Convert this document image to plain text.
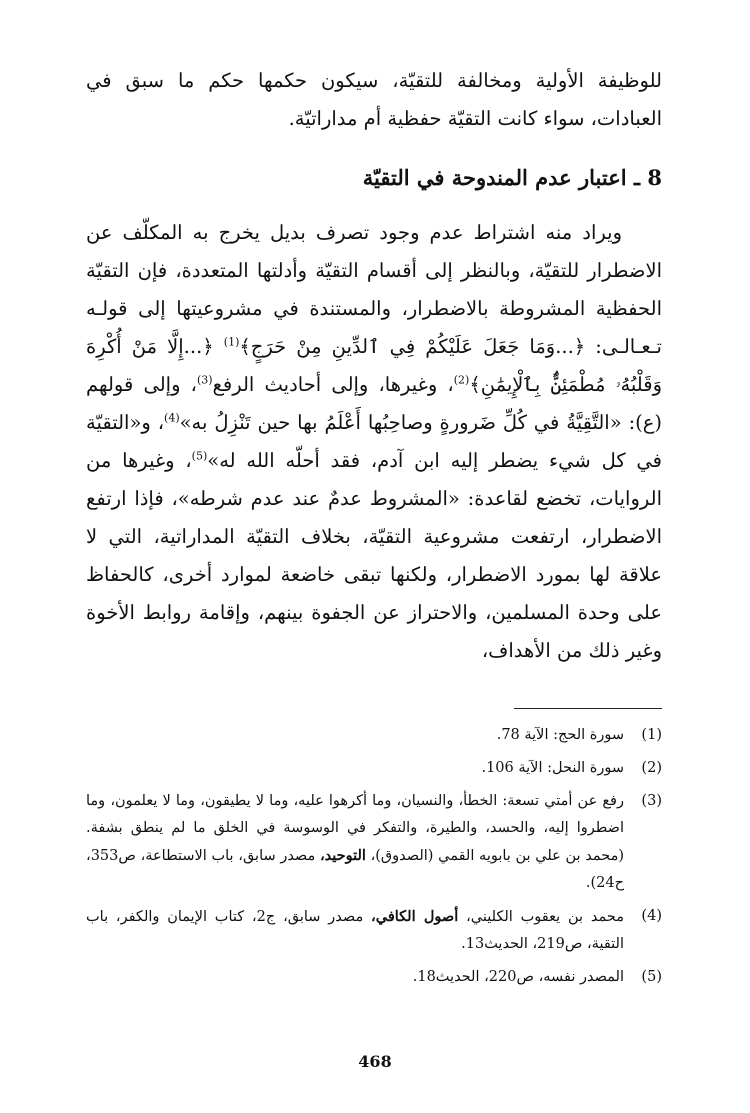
للوظيفة الأولية ومخالفة للتقيّة، سيكون حكمها حكم ما سبق في العبادات، سواء كانت التقيّة حفظية أم مداراتيّة.

8 ـ اعتبار عدم المندوحة في التقيّة

ويراد منه اشتراط عدم وجود تصرف بديل يخرج به المكلّف عن الاضطرار للتقيّة، وبالنظر إلى أقسام التقيّة وأدلتها المتعددة، فإن التقيّة الحفظية المشروطة بالاضطرار، والمستندة في مشروعيتها إلى قولـه تـعـالـى: ﴿...وَمَا جَعَلَ عَلَيْكُمْ فِي ٱلدِّينِ مِنْ حَرَجٍ﴾$^{(1)}$ ﴿...إِلَّا مَنْ أُكْرِهَ وَقَلْبُهُۥ مُطْمَئِنٌّۢ بِٱلْإِيمَٰنِ﴾$^{(2)}$، وغيرها، وإلى أحاديث الرفع$^{(3)}$، وإلى قولهم (ع): «التَّقِيَّةُ في كُلِّ ضَرورةٍ وصاحِبُها أَعْلَمُ بها حين تَنْزِلُ به»$^{(4)}$، و«التقيّة في كل شيء يضطر إليه ابن آدم، فقد أحلّه الله له»$^{(5)}$، وغيرها من الروايات، تخضع لقاعدة: «المشروط عدمٌ عند عدم شرطه»، فإذا ارتفع الاضطرار، ارتفعت مشروعية التقيّة، بخلاف التقيّة المداراتية، التي لا علاقة لها بمورد الاضطرار، ولكنها تبقى خاضعة لموارد أخرى، كالحفاظ على وحدة المسلمين، والاحتراز عن الجفوة بينهم، وإقامة روابط الأخوة وغير ذلك من الأهداف،

(1)
سورة الحج: الآية 78.
(2)
سورة النحل: الآية 106.
(3)
رفع عن أمتي تسعة: الخطأ، والنسيان، وما أكرهوا عليه، وما لا يطيقون، وما لا يعلمون، وما اضطروا إليه، والحسد، والطيرة، والتفكر في الوسوسة في الخلق ما لم ينطق بشفة. (محمد بن علي بن بابويه القمي (الصدوق)، التوحيد، مصدر سابق، باب الاستطاعة، ص353، ح24).
(4)
محمد بن يعقوب الكليني، أصول الكافي، مصدر سابق، ج2، كتاب الإيمان والكفر، باب التقية، ص219، الحديث13.
(5)
المصدر نفسه، ص220، الحديث18.
468
